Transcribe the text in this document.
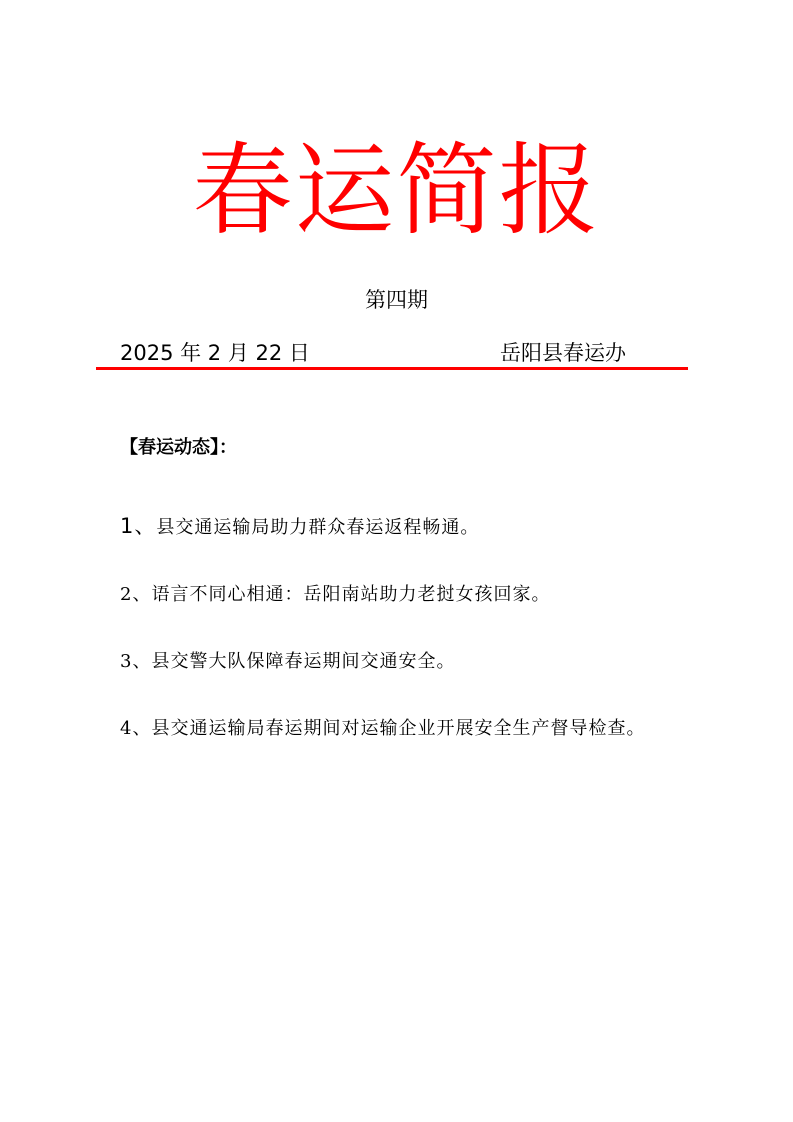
春运简报
第四期
2025 年 2 月 22 日	岳阳县春运办
【春运动态】：
1、县交通运输局助力群众春运返程畅通。
2、语言不同心相通：岳阳南站助力老挝女孩回家。
3、县交警大队保障春运期间交通安全。
4、县交通运输局春运期间对运输企业开展安全生产督导检查。
